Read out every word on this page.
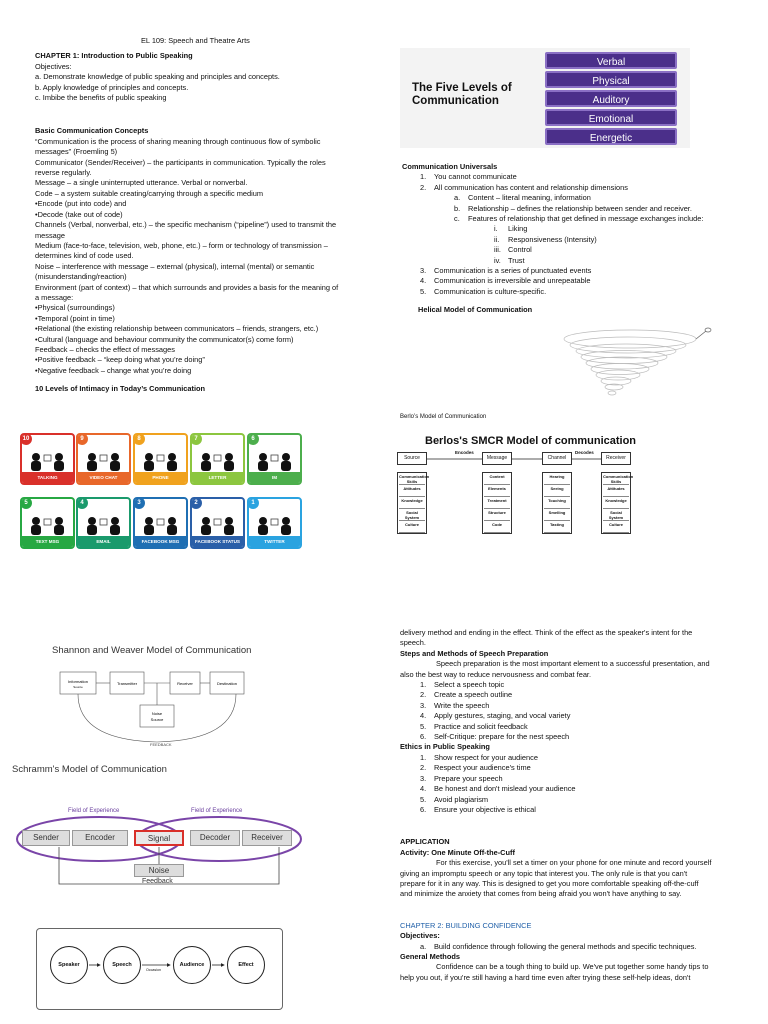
EL 109: Speech and Theatre Arts
CHAPTER 1: Introduction to Public Speaking
Objectives:
a. Demonstrate knowledge of public speaking and principles and concepts.
b. Apply knowledge of principles and concepts.
c. Imbibe the benefits of public speaking
Basic Communication Concepts
“Communication is the process of sharing meaning through continuous flow of symbolic
messages” (Froemling 5)
Communicator (Sender/Receiver) – the participants in communication. Typically the roles
reverse regularly.
Message – a single uninterrupted utterance. Verbal or nonverbal.
Code – a system suitable creating/carrying through a specific medium
•Encode (put into code) and
•Decode (take out of code)
Channels (Verbal, nonverbal, etc.) – the specific mechanism (“pipeline”) used to transmit the
message
Medium (face-to-face, television, web, phone, etc.) – form or technology of transmission –
determines kind of code used.
Noise – interference with message – external (physical), internal (mental) or semantic
(misunderstanding/reaction)
Environment (part of context) – that which surrounds and provides a basis for the meaning of
a message:
•Physical (surroundings)
•Temporal (point in time)
•Relational (the existing relationship between communicators – friends, strangers, etc.)
•Cultural (language and behaviour community the communicator(s) come form)
Feedback – checks the effect of messages
•Positive feedback – “keep doing what you’re doing”
•Negative feedback – change what you’re doing
10 Levels of Intimacy in Today’s Communication
10
TALKING
9
VIDEO CHAT
8
PHONE
7
LETTER
6
IM
5
TEXT MSG
4
EMAIL
3
FACEBOOK MSG
2
FACEBOOK STATUS
1
TWITTER
The Five Levels of
Communication
Verbal
Physical
Auditory
Emotional
Energetic
Communication Universals
1. You cannot communicate
2. All communication has content and relationship dimensions
a. Content – literal meaning, information
b. Relationship – defines the relationship between sender and receiver.
c. Features of relationship that get defined in message exchanges include:
i. Liking
ii. Responsiveness (Intensity)
iii. Control
iv. Trust
3. Communication is a series of punctuated events
4. Communication is irreversible and unrepeatable
5. Communication is culture-specific.
Helical Model of Communication
Berlo’s Model of Communication
Berlos's SMCR Model of communication
Source
Communication Skills
Attitudes
Knowledge
Social System
Culture
Message
Content
Elements
Treatment
Structure
Code
Channel
Hearing
Seeing
Touching
Smelling
Tasting
Receiver
Communication Skills
Attitudes
Knowledge
Social System
Culture
Encodes	Decodes
Shannon and Weaver Model of Communication
Information
Source
Transmitter	Receiver	Destination
Noise
Source
FEEDBACK
Schramm's Model of Communication
Field of Experience	Field of Experience
Sender	Encoder	Signal	Decoder	Receiver
Noise
Feedback
Speaker	Speech	Audience	Effect
Occasion
delivery method and ending in the effect. Think of the effect as the speaker's intent for the
speech.
Steps and Methods of Speech Preparation
Speech preparation is the most important element to a successful presentation, and
also the best way to reduce nervousness and combat fear.
1. Select a speech topic
2. Create a speech outline
3. Write the speech
4. Apply gestures, staging, and vocal variety
5. Practice and solicit feedback
6. Self-Critique: prepare for the nest speech
Ethics in Public Speaking
1. Show respect for your audience
2. Respect your audience's time
3. Prepare your speech
4. Be honest and don't mislead your audience
5. Avoid plagiarism
6. Ensure your objective is ethical
APPLICATION
Activity: One Minute Off-the-Cuff
For this exercise, you'll set a timer on your phone for one minute and record yourself
giving an impromptu speech or any topic that interest you. The only rule is that you can't
prepare for it in any way. This is designed to get you more comfortable speaking off-the-cuff
and minimize the anxiety that comes from being afraid you won't have anything to say.
CHAPTER 2: BUILDING CONFIDENCE
Objectives:
a. Build confidence through following the general methods and specific techniques.
General Methods
Confidence can be a tough thing to build up. We've put together some handy tips to
help you out, if you're still having a hard time even after trying these self-help ideas, don't
